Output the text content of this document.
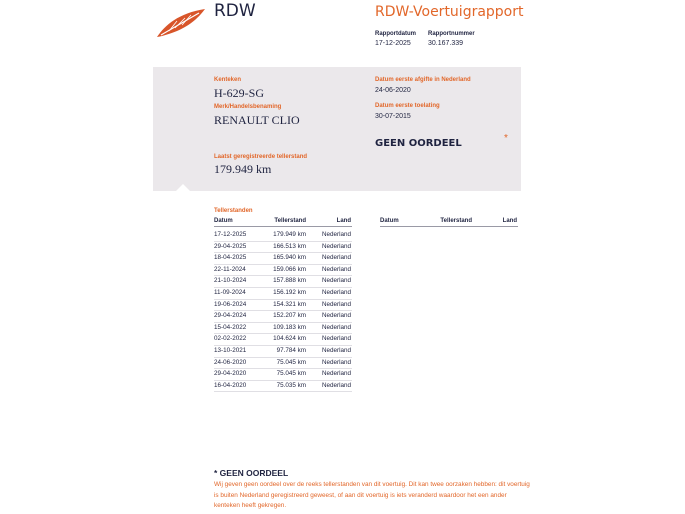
RDW	RDW-Voertuigrapport
Rapportdatum Rapportnummer
17-12-2025 30.167.339
Kenteken
H-629-SG
Merk/Handelsbenaming
RENAULT CLIO
Laatst geregistreerde tellerstand
179.949 km
Datum eerste afgifte in Nederland
24-06-2020
Datum eerste toelating
30-07-2015
*
GEEN OORDEEL
Tellerstanden
Datum	Tellerstand	Land	Datum	Tellerstand	Land
17-12-2025	179.949 km	Nederland
29-04-2025	166.513 km	Nederland
18-04-2025	165.940 km	Nederland
22-11-2024	159.066 km	Nederland
21-10-2024	157.888 km	Nederland
11-09-2024	156.192 km	Nederland
19-06-2024	154.321 km	Nederland
29-04-2024	152.207 km	Nederland
15-04-2022	109.183 km	Nederland
02-02-2022	104.624 km	Nederland
13-10-2021	97.784 km	Nederland
24-06-2020	75.045 km	Nederland
29-04-2020	75.045 km	Nederland
16-04-2020	75.035 km	Nederland
* GEEN OORDEEL
Wij geven geen oordeel over de reeks tellerstanden van dit voertuig. Dit kan twee oorzaken hebben: dit voertuig is buiten Nederland geregistreerd geweest, of aan dit voertuig is iets veranderd waardoor het een ander kenteken heeft gekregen.
